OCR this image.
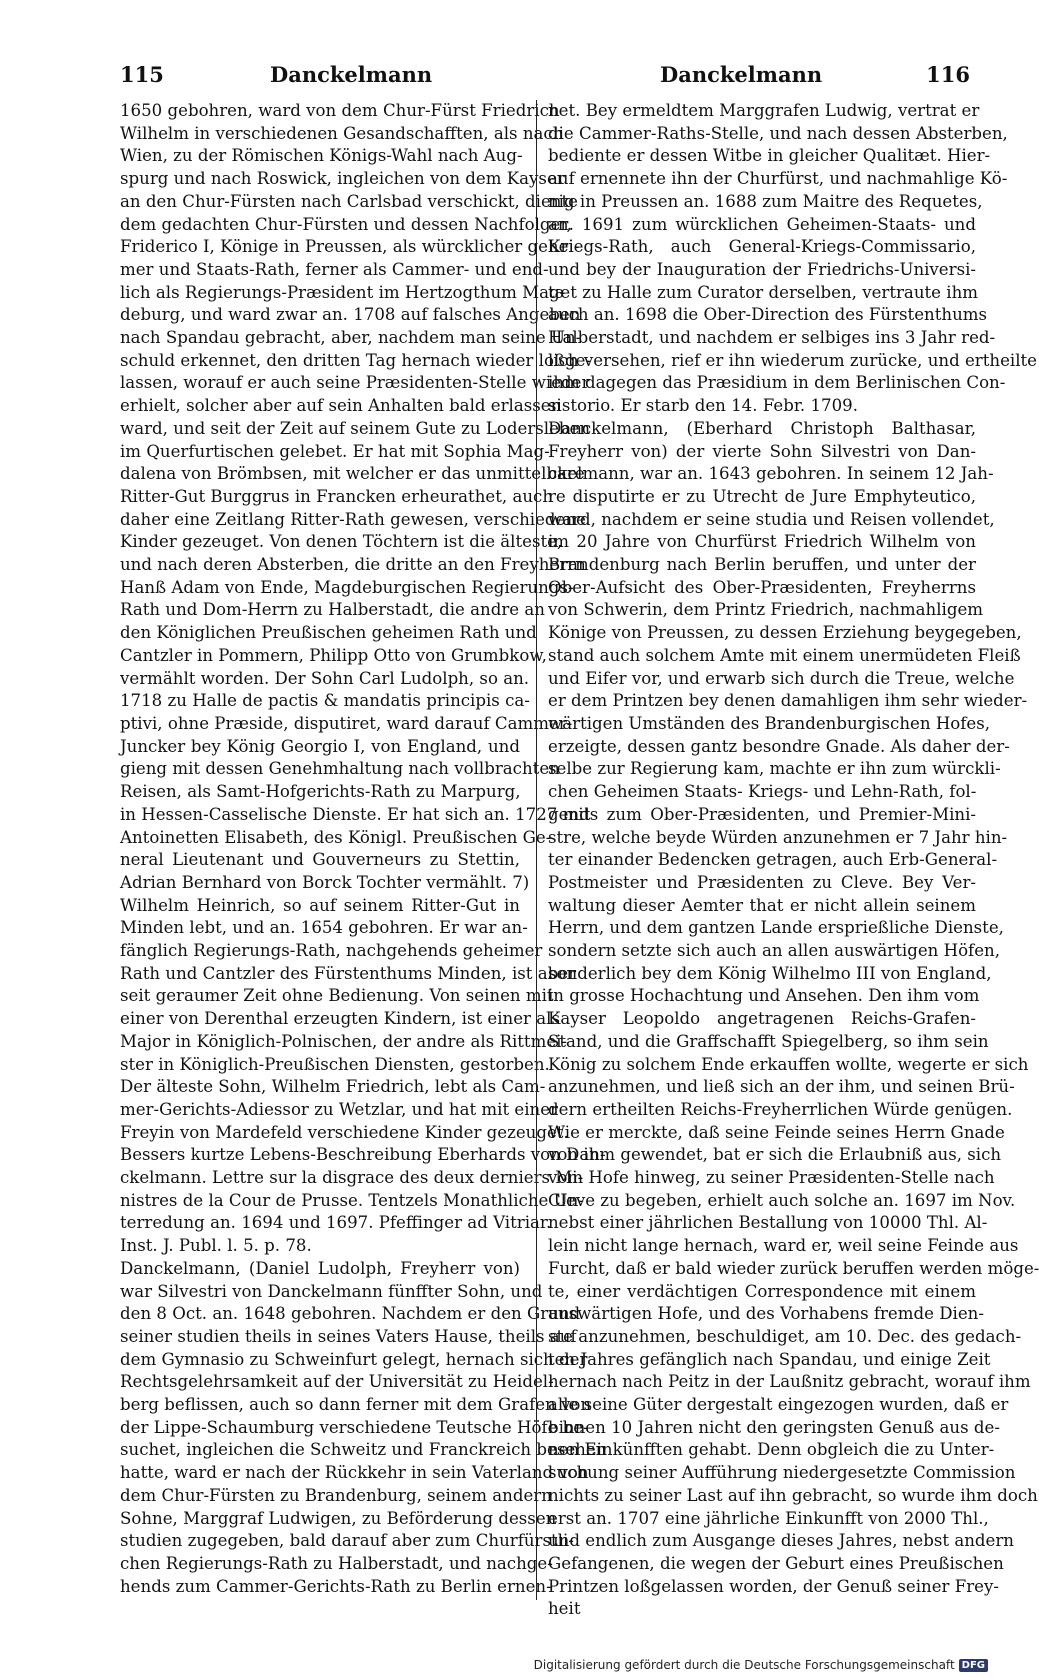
115	Danckelmann	Danckelmann	116
1650 gebohren, ward von dem Chur-Fürst Friedrich
Wilhelm in verschiedenen Gesandschafften, als nach
Wien, zu der Römischen Königs-Wahl nach Aug-
spurg und nach Roswick, ingleichen von dem Kayser
an den Chur-Fürsten nach Carlsbad verschickt, diente
dem gedachten Chur-Fürsten und dessen Nachfolger,
Friderico I, Könige in Preussen, als würcklicher gehei-
mer und Staats-Rath, ferner als Cammer- und end-
lich als Regierungs-Præsident im Hertzogthum Mag-
deburg, und ward zwar an. 1708 auf falsches Angeben
nach Spandau gebracht, aber, nachdem man seine Un-
schuld erkennet, den dritten Tag hernach wieder loßge-
lassen, worauf er auch seine Præsidenten-Stelle wieder
erhielt, solcher aber auf sein Anhalten bald erlassen
ward, und seit der Zeit auf seinem Gute zu Lodersleben
im Querfurtischen gelebet. Er hat mit Sophia Mag-
dalena von Brömbsen, mit welcher er das unmittelbare
Ritter-Gut Burggrus in Francken erheurathet, auch
daher eine Zeitlang Ritter-Rath gewesen, verschiedene
Kinder gezeuget. Von denen Töchtern ist die älteste,
und nach deren Absterben, die dritte an den Freyherrn
Hanß Adam von Ende, Magdeburgischen Regierungs-
Rath und Dom-Herrn zu Halberstadt, die andre an
den Königlichen Preußischen geheimen Rath und
Cantzler in Pommern, Philipp Otto von Grumbkow,
vermählt worden. Der Sohn Carl Ludolph, so an.
1718 zu Halle de pactis & mandatis principis ca-
ptivi, ohne Præside, disputiret, ward darauf Cammer-
Juncker bey König Georgio I, von England, und
gieng mit dessen Genehmhaltung nach vollbrachten
Reisen, als Samt-Hofgerichts-Rath zu Marpurg,
in Hessen-Casselische Dienste. Er hat sich an. 1727 mit
Antoinetten Elisabeth, des Königl. Preußischen Ge-
neral Lieutenant und Gouverneurs zu Stettin,
Adrian Bernhard von Borck Tochter vermählt. 7)
Wilhelm Heinrich, so auf seinem Ritter-Gut in
Minden lebt, und an. 1654 gebohren. Er war an-
fänglich Regierungs-Rath, nachgehends geheimer
Rath und Cantzler des Fürstenthums Minden, ist aber
seit geraumer Zeit ohne Bedienung. Von seinen mit
einer von Derenthal erzeugten Kindern, ist einer als
Major in Königlich-Polnischen, der andre als Rittmei-
ster in Königlich-Preußischen Diensten, gestorben.
Der älteste Sohn, Wilhelm Friedrich, lebt als Cam-
mer-Gerichts-Adiessor zu Wetzlar, und hat mit einer
Freyin von Mardefeld verschiedene Kinder gezeuget.
Bessers kurtze Lebens-Beschreibung Eberhards von Dan-
ckelmann. Lettre sur la disgrace des deux derniers Mi-
nistres de la Cour de Prusse. Tentzels Monathliche Un-
terredung an. 1694 und 1697. Pfeffinger ad Vitriar.
Inst. J. Publ. l. 5. p. 78.
Danckelmann, (Daniel Ludolph, Freyherr von)
war Silvestri von Danckelmann fünffter Sohn, und
den 8 Oct. an. 1648 gebohren. Nachdem er den Grund
seiner studien theils in seines Vaters Hause, theils auf
dem Gymnasio zu Schweinfurt gelegt, hernach sich der
Rechtsgelehrsamkeit auf der Universität zu Heidel-
berg beflissen, auch so dann ferner mit dem Grafen von
der Lippe-Schaumburg verschiedene Teutsche Höfe be-
suchet, ingleichen die Schweitz und Franckreich besehen
hatte, ward er nach der Rückkehr in sein Vaterland von
dem Chur-Fürsten zu Brandenburg, seinem andern
Sohne, Marggraf Ludwigen, zu Beförderung dessen
studien zugegeben, bald darauf aber zum Churfürstli-
chen Regierungs-Rath zu Halberstadt, und nachge-
hends zum Cammer-Gerichts-Rath zu Berlin ernen-
net. Bey ermeldtem Marggrafen Ludwig, vertrat er
die Cammer-Raths-Stelle, und nach dessen Absterben,
bediente er dessen Witbe in gleicher Qualitæt. Hier-
auf ernennete ihn der Churfürst, und nachmahlige Kö-
nig in Preussen an. 1688 zum Maitre des Requetes,
an. 1691 zum würcklichen Geheimen-Staats- und
Kriegs-Rath, auch General-Kriegs-Commissario,
und bey der Inauguration der Friedrichs-Universi-
tæt zu Halle zum Curator derselben, vertraute ihm
auch an. 1698 die Ober-Direction des Fürstenthums
Halberstadt, und nachdem er selbiges ins 3 Jahr red-
lich versehen, rief er ihn wiederum zurücke, und ertheilte
ihm dagegen das Præsidium in dem Berlinischen Con-
sistorio. Er starb den 14. Febr. 1709.
Danckelmann, (Eberhard Christoph Balthasar,
Freyherr von) der vierte Sohn Silvestri von Dan-
ckelmann, war an. 1643 gebohren. In seinem 12 Jah-
re disputirte er zu Utrecht de Jure Emphyteutico,
ward, nachdem er seine studia und Reisen vollendet,
im 20 Jahre von Churfürst Friedrich Wilhelm von
Brandenburg nach Berlin beruffen, und unter der
Ober-Aufsicht des Ober-Præsidenten, Freyherrns
von Schwerin, dem Printz Friedrich, nachmahligem
Könige von Preussen, zu dessen Erziehung beygegeben,
stand auch solchem Amte mit einem unermüdeten Fleiß
und Eifer vor, und erwarb sich durch die Treue, welche
er dem Printzen bey denen damahligen ihm sehr wieder-
wärtigen Umständen des Brandenburgischen Hofes,
erzeigte, dessen gantz besondre Gnade. Als daher der-
selbe zur Regierung kam, machte er ihn zum würckli-
chen Geheimen Staats- Kriegs- und Lehn-Rath, fol-
gends zum Ober-Præsidenten, und Premier-Mini-
stre, welche beyde Würden anzunehmen er 7 Jahr hin-
ter einander Bedencken getragen, auch Erb-General-
Postmeister und Præsidenten zu Cleve. Bey Ver-
waltung dieser Aemter that er nicht allein seinem
Herrn, und dem gantzen Lande ersprießliche Dienste,
sondern setzte sich auch an allen auswärtigen Höfen,
sonderlich bey dem König Wilhelmo III von England,
in grosse Hochachtung und Ansehen. Den ihm vom
Kayser Leopoldo angetragenen Reichs-Grafen-
Stand, und die Graffschafft Spiegelberg, so ihm sein
König zu solchem Ende erkauffen wollte, wegerte er sich
anzunehmen, und ließ sich an der ihm, und seinen Brü-
dern ertheilten Reichs-Freyherrlichen Würde genügen.
Wie er merckte, daß seine Feinde seines Herrn Gnade
von ihm gewendet, bat er sich die Erlaubniß aus, sich
vom Hofe hinweg, zu seiner Præsidenten-Stelle nach
Cleve zu begeben, erhielt auch solche an. 1697 im Nov.
nebst einer jährlichen Bestallung von 10000 Thl. Al-
lein nicht lange hernach, ward er, weil seine Feinde aus
Furcht, daß er bald wieder zurück beruffen werden möge-
te, einer verdächtigen Correspondence mit einem
auswärtigen Hofe, und des Vorhabens fremde Dien-
ste anzunehmen, beschuldiget, am 10. Dec. des gedach-
ten Jahres gefänglich nach Spandau, und einige Zeit
hernach nach Peitz in der Laußnitz gebracht, worauf ihm
alle seine Güter dergestalt eingezogen wurden, daß er
binnen 10 Jahren nicht den geringsten Genuß aus de-
nen Einkünfften gehabt. Denn obgleich die zu Unter-
suchung seiner Aufführung niedergesetzte Commission
nichts zu seiner Last auf ihn gebracht, so wurde ihm doch
erst an. 1707 eine jährliche Einkunfft von 2000 Thl.,
und endlich zum Ausgange dieses Jahres, nebst andern
Gefangenen, die wegen der Geburt eines Preußischen
Printzen loßgelassen worden, der Genuß seiner Frey-
heit
Digitalisierung gefördert durch die Deutsche Forschungsgemeinschaft DFG
